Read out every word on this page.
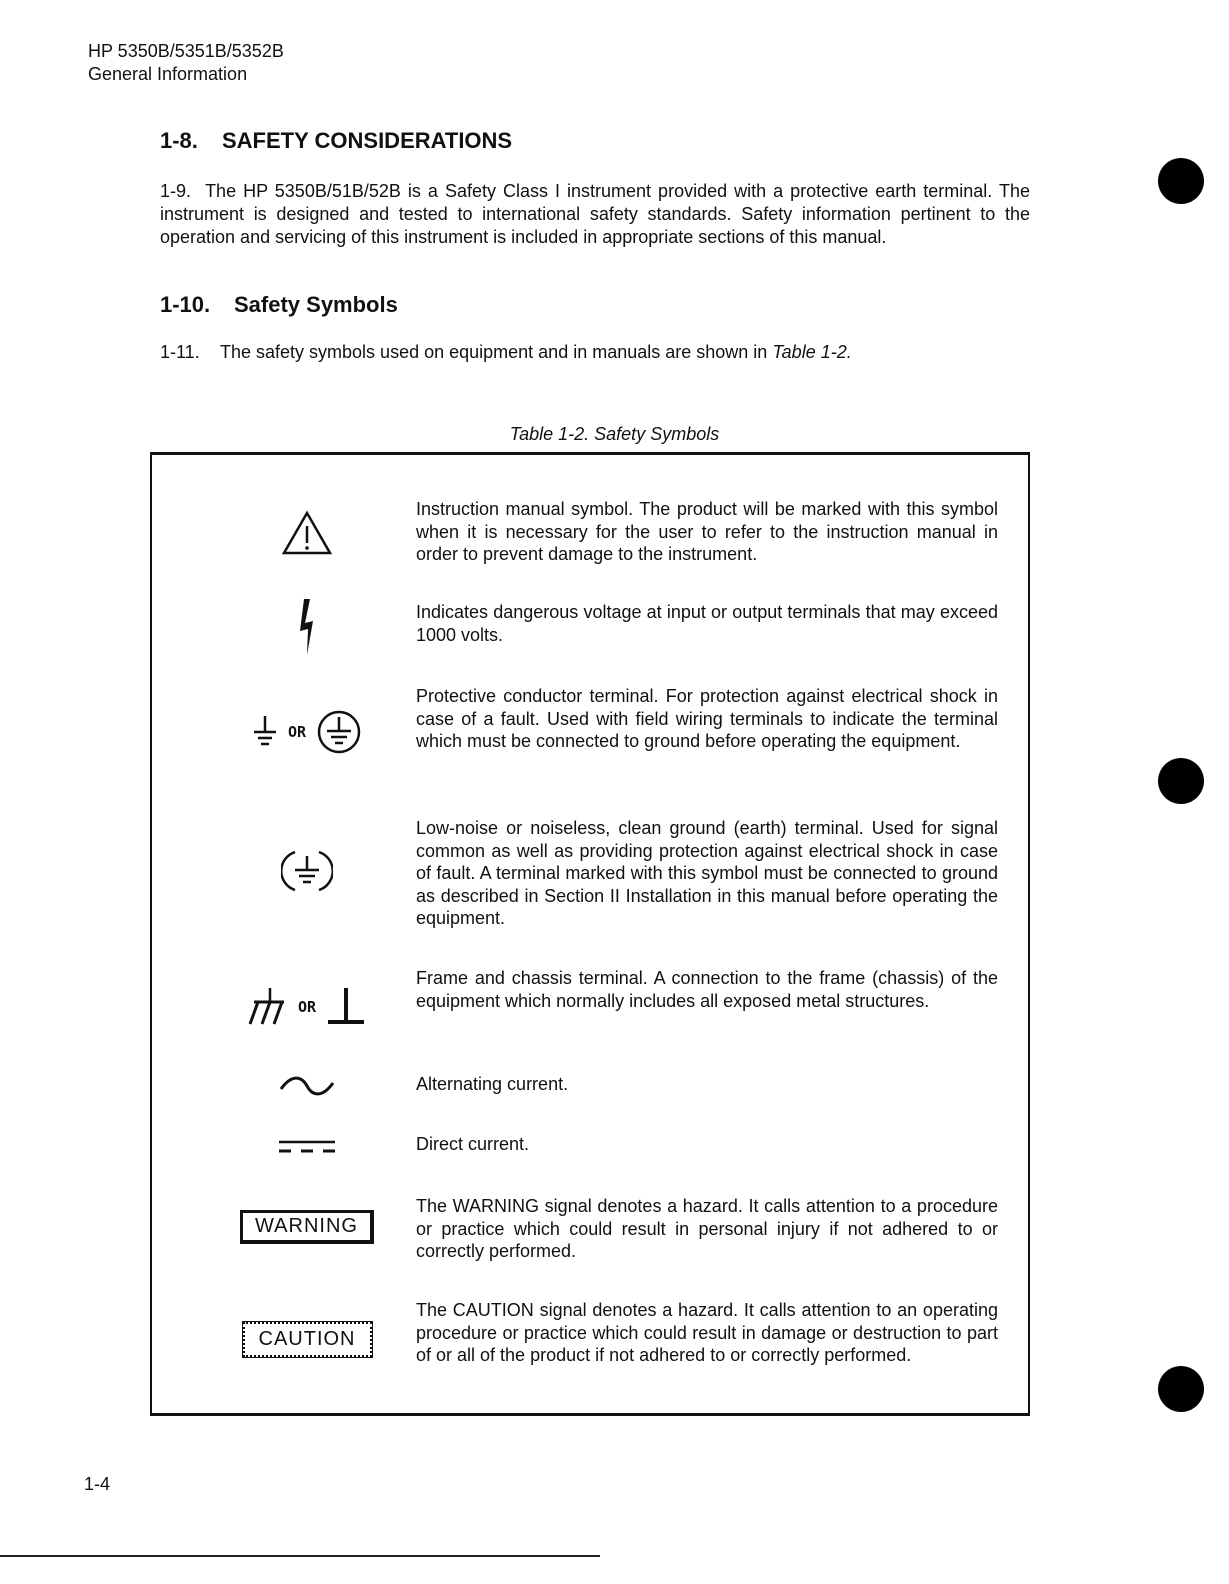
HP 5350B/5351B/5352B
General Information
1-8. SAFETY CONSIDERATIONS

1-9. The HP 5350B/51B/52B is a Safety Class I instrument provided with a protective earth terminal. The instrument is designed and tested to international safety standards. Safety information pertinent to the operation and servicing of this instrument is included in appropriate sections of this manual.

1-10. Safety Symbols

1-11. The safety symbols used on equipment and in manuals are shown in Table 1-2.

Table 1-2. Safety Symbols

Instruction manual symbol. The product will be marked with this symbol when it is necessary for the user to refer to the instruction manual in order to prevent damage to the instrument.

Indicates dangerous voltage at input or output terminals that may exceed 1000 volts.

OR

Protective conductor terminal. For protection against electrical shock in case of a fault. Used with field wiring terminals to indicate the terminal which must be connected to ground before operating the equipment.

Low-noise or noiseless, clean ground (earth) terminal. Used for signal common as well as providing protection against electrical shock in case of fault. A terminal marked with this symbol must be connected to ground as described in Section II Installation in this manual before operating the equipment.

OR

Frame and chassis terminal. A connection to the frame (chassis) of the equipment which normally includes all exposed metal structures.

Alternating current.

Direct current.

WARNING

The WARNING signal denotes a hazard. It calls attention to a procedure or practice which could result in personal injury if not adhered to or correctly performed.

CAUTION

The CAUTION signal denotes a hazard. It calls attention to an operating procedure or practice which could result in damage or destruction to part of or all of the product if not adhered to or correctly performed.

1-4
